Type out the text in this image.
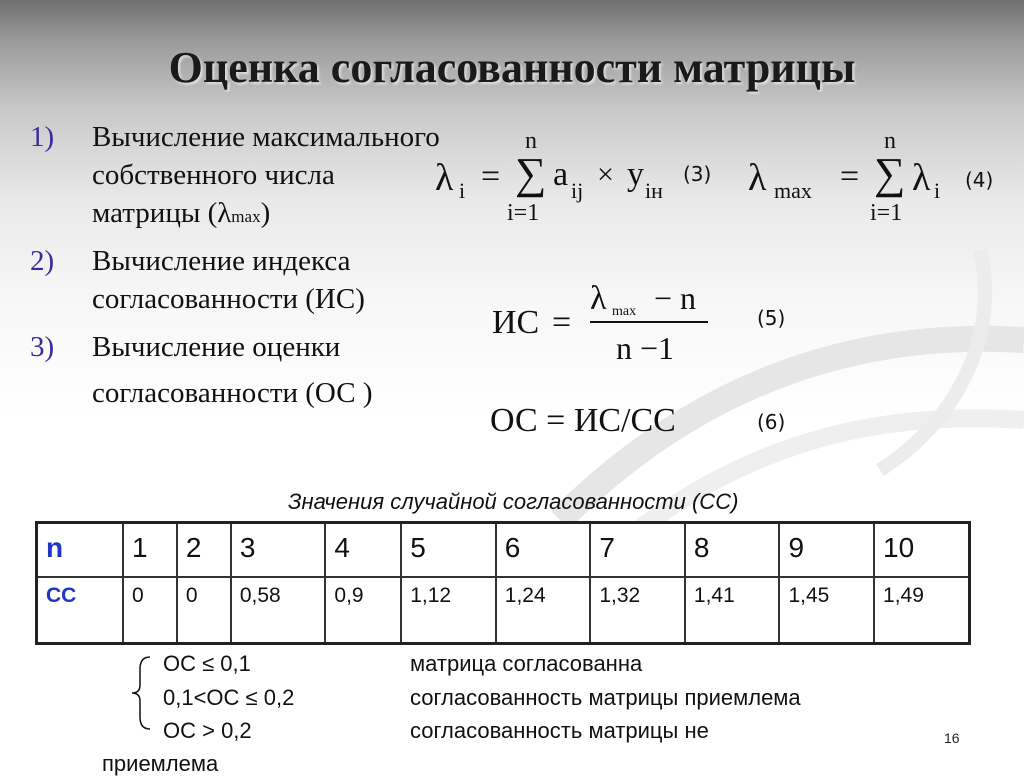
Оценка согласованности матрицы
1) Вычисление максимального собственного числа матрицы (λmax)
2) Вычисление индекса согласованности (ИС)
3) Вычисление оценки согласованности (ОС )
λ i =
n
∑
i=1
a ij × y iн
(3) λ max =
n
∑
i=1
λ i (4)
ИС =
λ max − n
n −1
(5)
ОС = ИС/СС	(6)
Значения случайной согласованности (СС)
n	1	2	3	4	5	6	7	8	9	10
СС	0	0	0,58	0,9	1,12	1,24	1,32	1,41	1,45	1,49
ОС ≤ 0,1	матрица согласованна
0,1<ОС ≤ 0,2	согласованность матрицы приемлема
ОС > 0,2	согласованность матрицы не
приемлема
16
